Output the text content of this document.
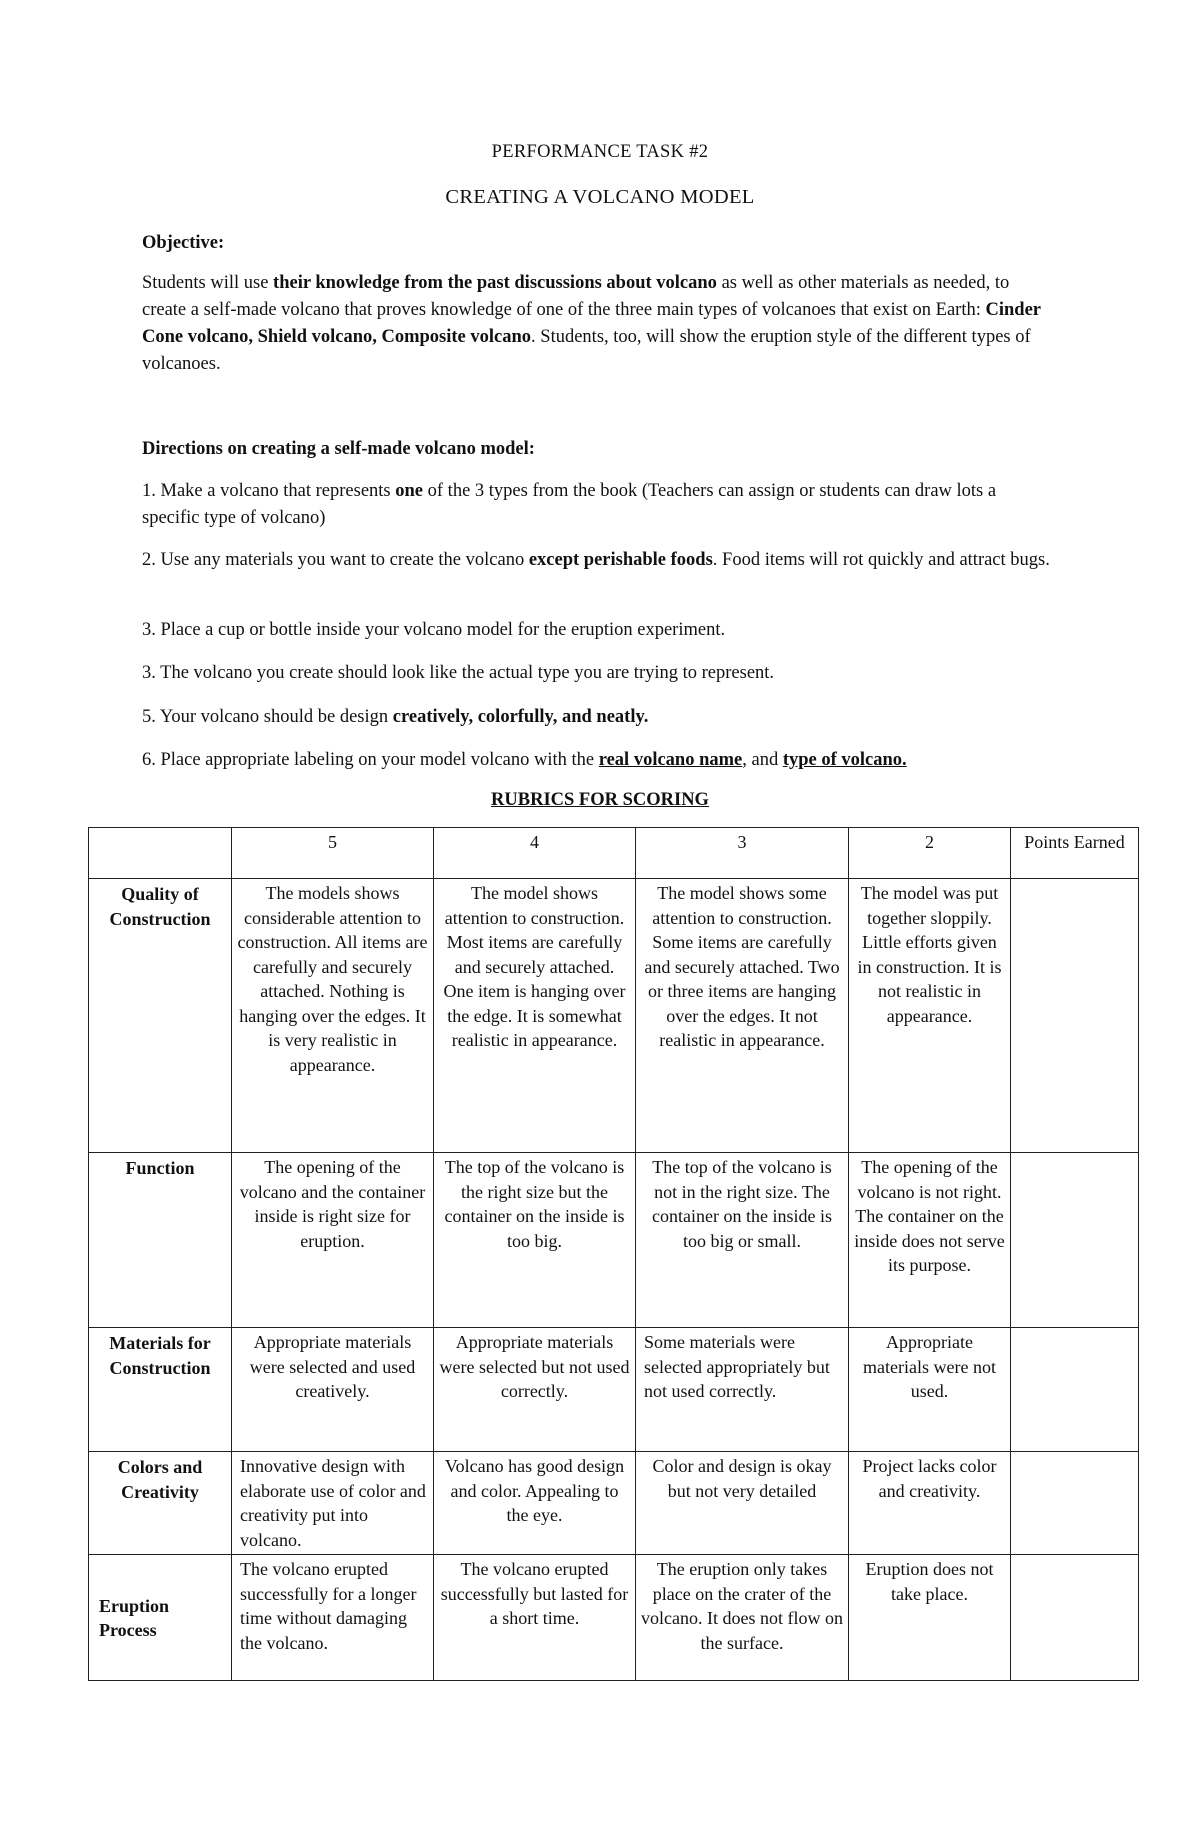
PERFORMANCE TASK #2
CREATING A VOLCANO MODEL
Objective:
Students will use their knowledge from the past discussions about volcano as well as other materials as needed, to create a self-made volcano that proves knowledge of one of the three main types of volcanoes that exist on Earth: Cinder Cone volcano, Shield volcano, Composite volcano. Students, too, will show the eruption style of the different types of volcanoes.
Directions on creating a self-made volcano model:
1. Make a volcano that represents one of the 3 types from the book (Teachers can assign or students can draw lots a specific type of volcano)
2. Use any materials you want to create the volcano except perishable foods. Food items will rot quickly and attract bugs.
3. Place a cup or bottle inside your volcano model for the eruption experiment.
3. The volcano you create should look like the actual type you are trying to represent.
5. Your volcano should be design creatively, colorfully, and neatly.
6. Place appropriate labeling on your model volcano with the real volcano name, and type of volcano.
RUBRICS FOR SCORING
	5	4	3	2	Points Earned
Quality of Construction	The models shows considerable attention to construction. All items are carefully and securely attached. Nothing is hanging over the edges. It is very realistic in appearance.	The model shows attention to construction. Most items are carefully and securely attached. One item is hanging over the edge. It is somewhat realistic in appearance.	The model shows some attention to construction. Some items are carefully and securely attached. Two or three items are hanging over the edges. It not realistic in appearance.	The model was put together sloppily. Little efforts given in construction. It is not realistic in appearance.	
Function	The opening of the volcano and the container inside is right size for eruption.	The top of the volcano is the right size but the container on the inside is too big.	The top of the volcano is not in the right size. The container on the inside is too big or small.	The opening of the volcano is not right. The container on the inside does not serve its purpose.	
Materials for Construction	Appropriate materials were selected and used creatively.	Appropriate materials were selected but not used correctly.	Some materials were selected appropriately but not used correctly.	Appropriate materials were not used.	
Colors and Creativity	Innovative design with elaborate use of color and creativity put into volcano.	Volcano has good design and color. Appealing to the eye.	Color and design is okay but not very detailed	Project lacks color and creativity.	
Eruption Process	The volcano erupted successfully for a longer time without damaging the volcano.	The volcano erupted successfully but lasted for a short time.	The eruption only takes place on the crater of the volcano. It does not flow on the surface.	Eruption does not take place.	
